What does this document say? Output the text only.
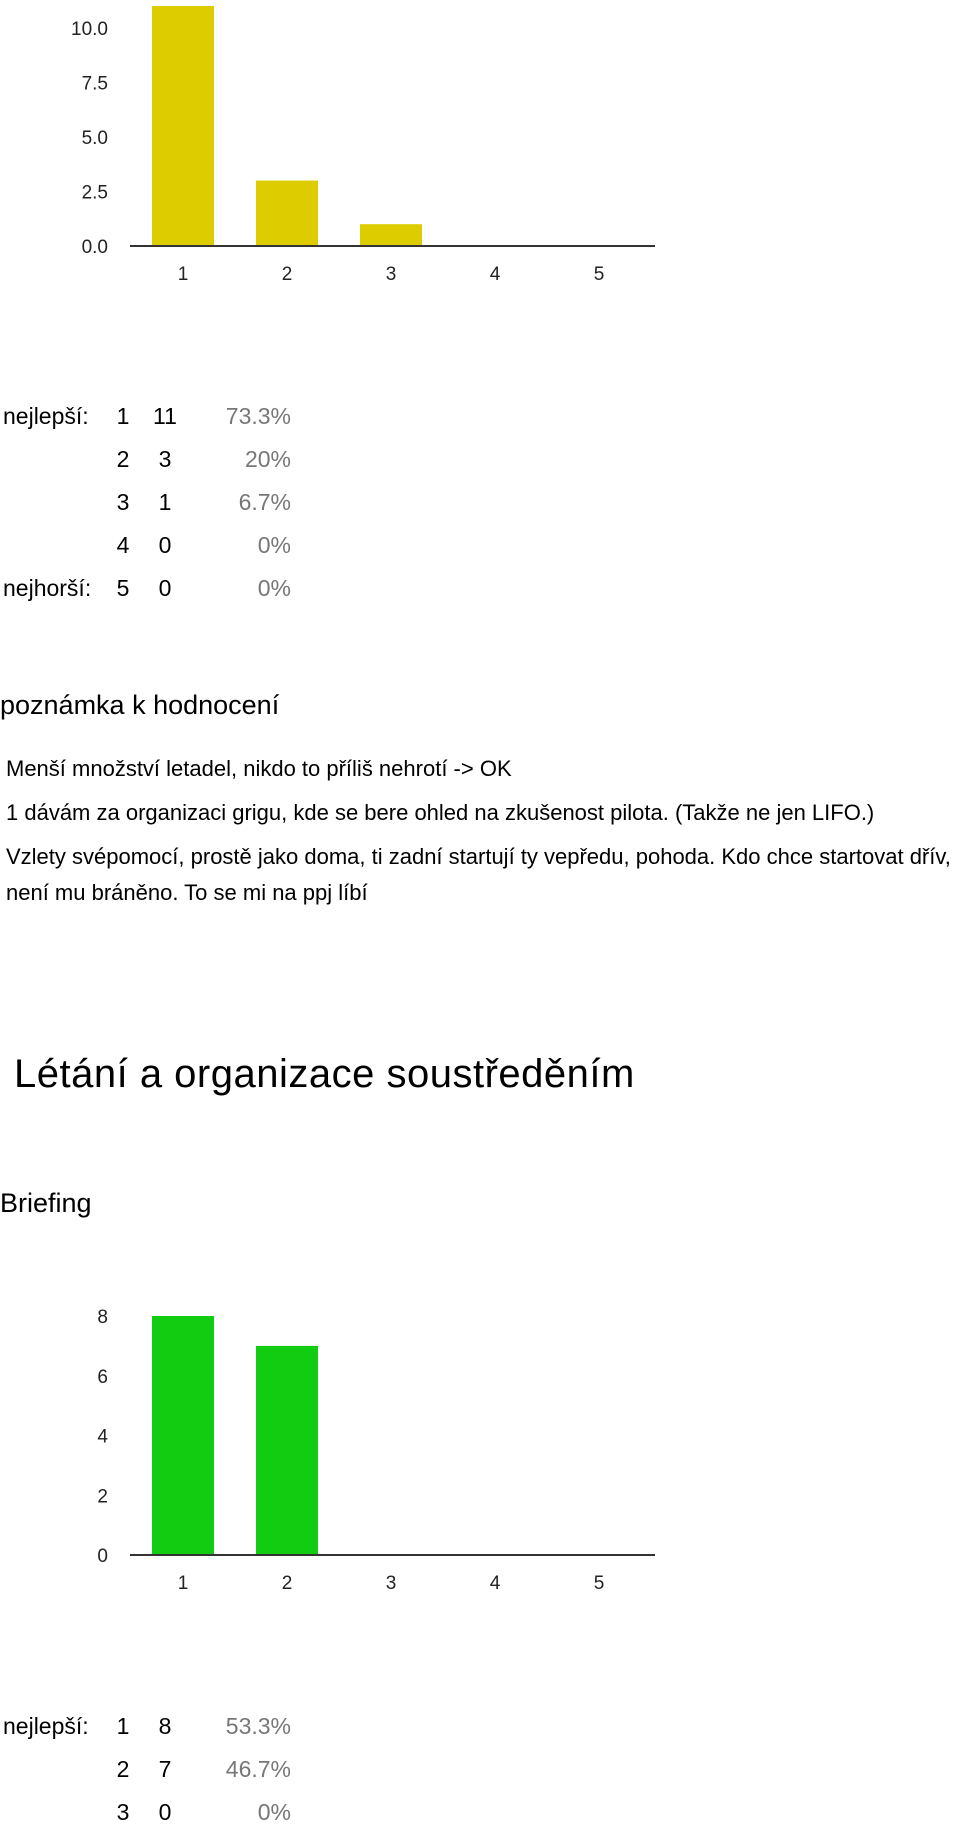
0.0
2.5
5.0
7.5
10.0
1	2	3	4	5
nejlepší:	1	11	73.3%
	2	3	20%
	3	1	6.7%
	4	0	0%
nejhorší:	5	0	0%
poznámka k hodnocení

Menší množství letadel, nikdo to příliš nehrotí -> OK

1 dávám za organizaci grigu, kde se bere ohled na zkušenost pilota. (Takže ne jen LIFO.)

Vzlety svépomocí, prostě jako doma, ti zadní startují ty vepředu, pohoda. Kdo chce startovat dřív, není mu bráněno. To se mi na ppj líbí

Létání a organizace soustředěním
Briefing
0
2
4
6
8
1	2	3	4	5
nejlepší:	1	8	53.3%
	2	7	46.7%
	3	0	0%
